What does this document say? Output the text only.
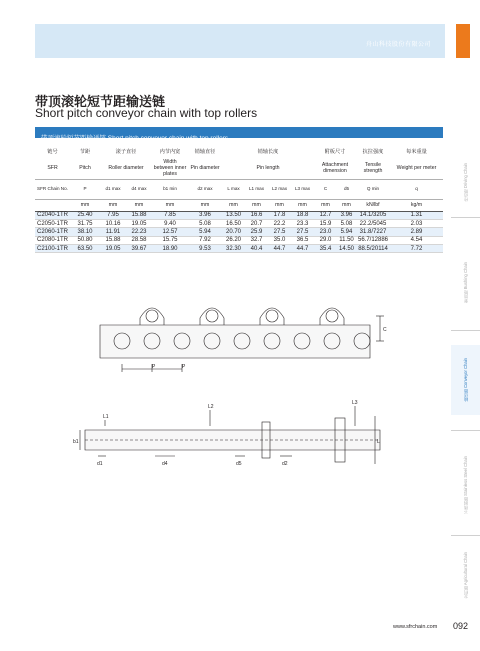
舟山科技股份有限公司
带顶滚轮短节距输送链
Short pitch conveyor chain with top rollers
带顶滚轮短节距输送链 Short pitch conveyor chain with top rollers
链号	节距	滚子直径		内节内宽	销轴直径	销轴长度				附板尺寸		抗拉强度	每米重量
SFR	Pitch	Roller diameter		Width between inner plates	Pin diameter	Pin length				Attachment dimension		Tensile strength	Weight per meter
SFR Chain No.	P	d1 max	d4 max	b1 min	d2 max	L max	L1 max	L2 max	L3 max	C	d5	Q min	q
	mm	mm	mm	mm	mm	mm	mm	mm	mm	mm	mm	kN/lbf	kg/m
C2040-1TR	25.40	7.95	15.88	7.85	3.96	13.50	16.6	17.8	18.8	12.7	3.96	14.1/3205	1.31
C2050-1TR	31.75	10.16	19.05	9.40	5.08	16.50	20.7	22.2	23.3	15.9	5.08	22.2/5045	2.03
C2060-1TR	38.10	11.91	22.23	12.57	5.94	20.70	25.9	27.5	27.5	23.0	5.94	31.8/7227	2.89
C2080-1TR	50.80	15.88	28.58	15.75	7.92	26.20	32.7	35.0	36.5	29.0	11.50	56.7/12886	4.54
C2100-1TR	63.50	19.05	39.67	18.90	9.53	32.30	40.4	44.7	44.7	35.4	14.50	88.5/20114	7.72
P	P
C
L1
L2
L3
L
b1
d1	d4	d5	d2
传动链 Driving Chain
套筒链 Bushing Chain
输送链 Conveyor Chain
不锈钢链 Stainless Steel Chain
农机链 Agricultural Chain
www.sfrchain.com 092
